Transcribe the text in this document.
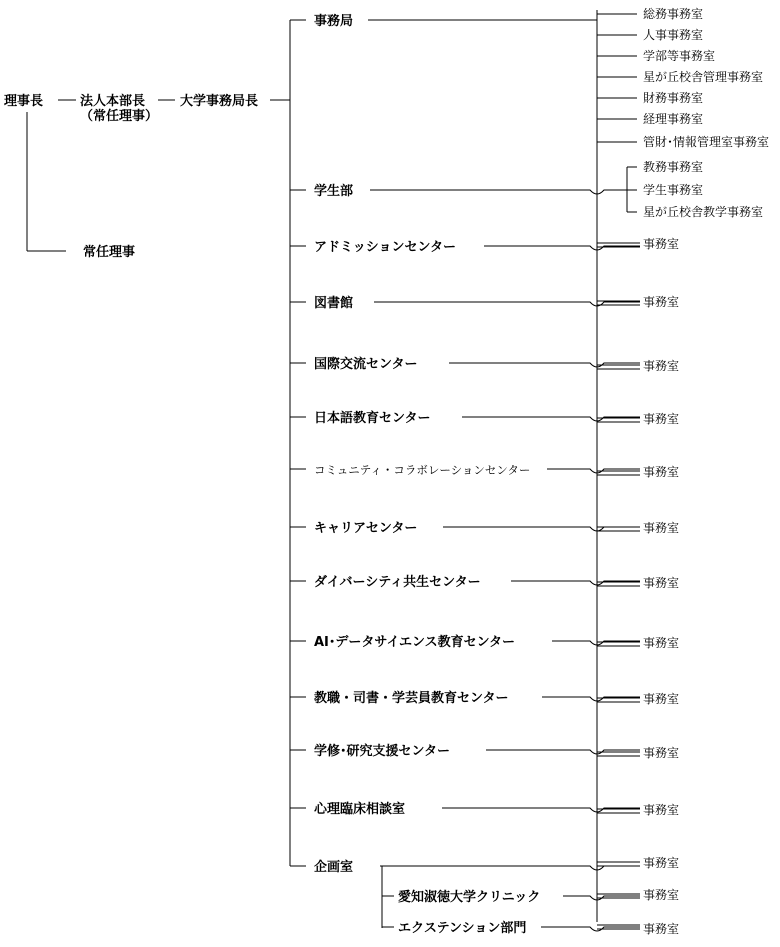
理事長	法人本部長
（常任理事）
大学事務局長
常任理事
事務局	総務事務室
人事事務室
学部等事務室
星が丘校舎管理事務室
財務事務室
経理事務室
管財･情報管理室事務室
学生部
教務事務室
学生事務室
星が丘校舎教学事務室
アドミッションセンター	事務室
図書館	事務室
国際交流センター	事務室
日本語教育センター	事務室
コミュニティ・コラボレーションセンター	事務室
キャリアセンター	事務室
ダイバーシティ共生センター	事務室
AI･データサイエンス教育センター	事務室
教職・司書・学芸員教育センター	事務室
学修･研究支援センター	事務室
心理臨床相談室	事務室
企画室	事務室
愛知淑徳大学クリニック	事務室
エクステンション部門	事務室
